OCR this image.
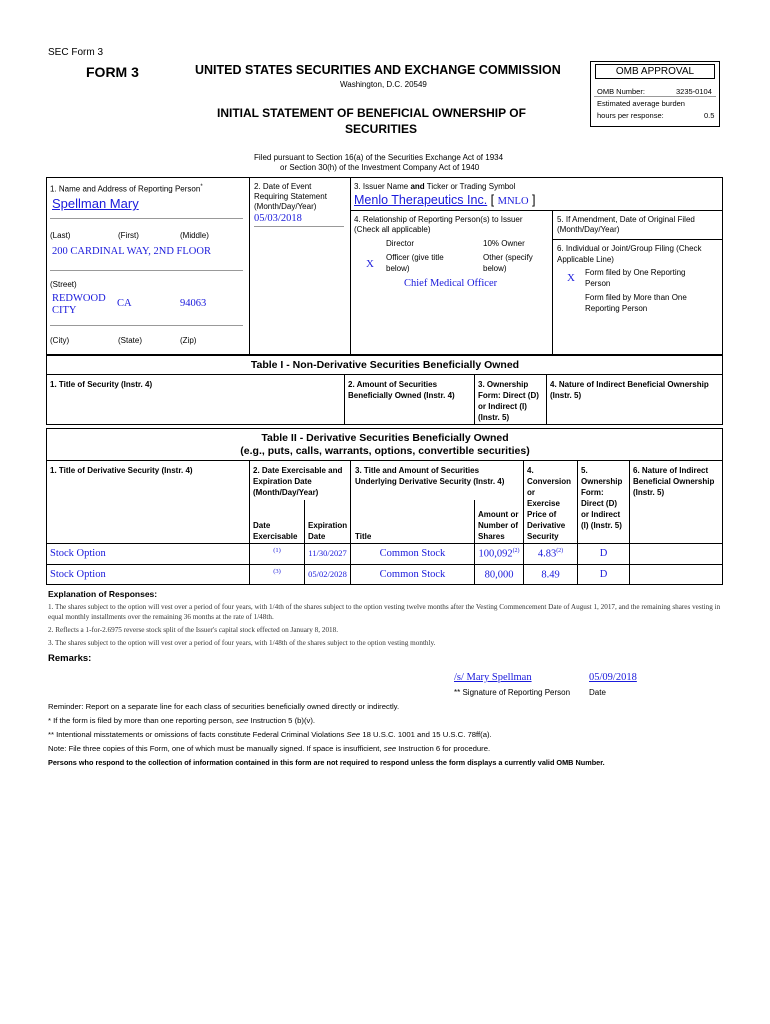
SEC Form 3
FORM 3	UNITED STATES SECURITIES AND EXCHANGE COMMISSION
Washington, D.C. 20549
INITIAL STATEMENT OF BENEFICIAL OWNERSHIP OF
SECURITIES
OMB APPROVAL
OMB Number:	3235-0104
Estimated average burden
hours per response:	0.5
Filed pursuant to Section 16(a) of the Securities Exchange Act of 1934
or Section 30(h) of the Investment Company Act of 1940
1. Name and Address of Reporting Person*
Spellman Mary
(Last)	(First)	(Middle)
200 CARDINAL WAY, 2ND FLOOR
(Street)
REDWOOD
CITY
CA	94063
(City)	(State)	(Zip)
2. Date of Event
Requiring Statement
(Month/Day/Year)
05/03/2018
3. Issuer Name and Ticker or Trading Symbol
Menlo Therapeutics Inc. [ MNLO ]
4. Relationship of Reporting Person(s) to Issuer
(Check all applicable)
Director	10% Owner
X
Officer (give title
below)
Other (specify
below)
Chief Medical Officer
5. If Amendment, Date of Original Filed
(Month/Day/Year)
6. Individual or Joint/Group Filing (Check
Applicable Line)
X Form filed by One Reporting
Person
Form filed by More than One
Reporting Person
Table I - Non-Derivative Securities Beneficially Owned
1. Title of Security (Instr. 4)	2. Amount of Securities
Beneficially Owned (Instr. 4)
3. Ownership
Form: Direct (D)
or Indirect (I)
(Instr. 5)
4. Nature of Indirect Beneficial Ownership
(Instr. 5)
Table II - Derivative Securities Beneficially Owned
(e.g., puts, calls, warrants, options, convertible securities)
1. Title of Derivative Security (Instr. 4)	2. Date Exercisable and
Expiration Date
(Month/Day/Year)
3. Title and Amount of Securities
Underlying Derivative Security (Instr. 4)
4.
Conversion
or
Exercise
Price of
Derivative
Security
5.
Ownership
Form:
Direct (D)
or Indirect
(I) (Instr. 5)
6. Nature of Indirect
Beneficial Ownership
(Instr. 5)
Date
Exercisable
Expiration
Date	Title
Amount or
Number of
Shares
Stock Option	(1)	11/30/2027	Common Stock	100,092$^{(2)}$	4.83$^{(2)}$	D
Stock Option	(3)	05/02/2028	Common Stock	80,000	8.49	D
Explanation of Responses:
1. The shares subject to the option will vest over a period of four years, with 1/4th of the shares subject to the option vesting twelve months after the Vesting Commencement Date of August 1, 2017, and the remaining shares vesting in equal monthly installments over the remaining 36 months at the rate of 1/48th.
2. Reflects a 1-for-2.6975 reverse stock split of the Issuer's capital stock effected on January 8, 2018.
3. The shares subject to the option will vest over a period of four years, with 1/48th of the shares subject to the option vesting monthly.
Remarks:
/s/ Mary Spellman	05/09/2018
** Signature of Reporting Person Date
Reminder: Report on a separate line for each class of securities beneficially owned directly or indirectly.
* If the form is filed by more than one reporting person, see Instruction 5 (b)(v).
** Intentional misstatements or omissions of facts constitute Federal Criminal Violations See 18 U.S.C. 1001 and 15 U.S.C. 78ff(a).
Note: File three copies of this Form, one of which must be manually signed. If space is insufficient, see Instruction 6 for procedure.
Persons who respond to the collection of information contained in this form are not required to respond unless the form displays a currently valid OMB Number.
